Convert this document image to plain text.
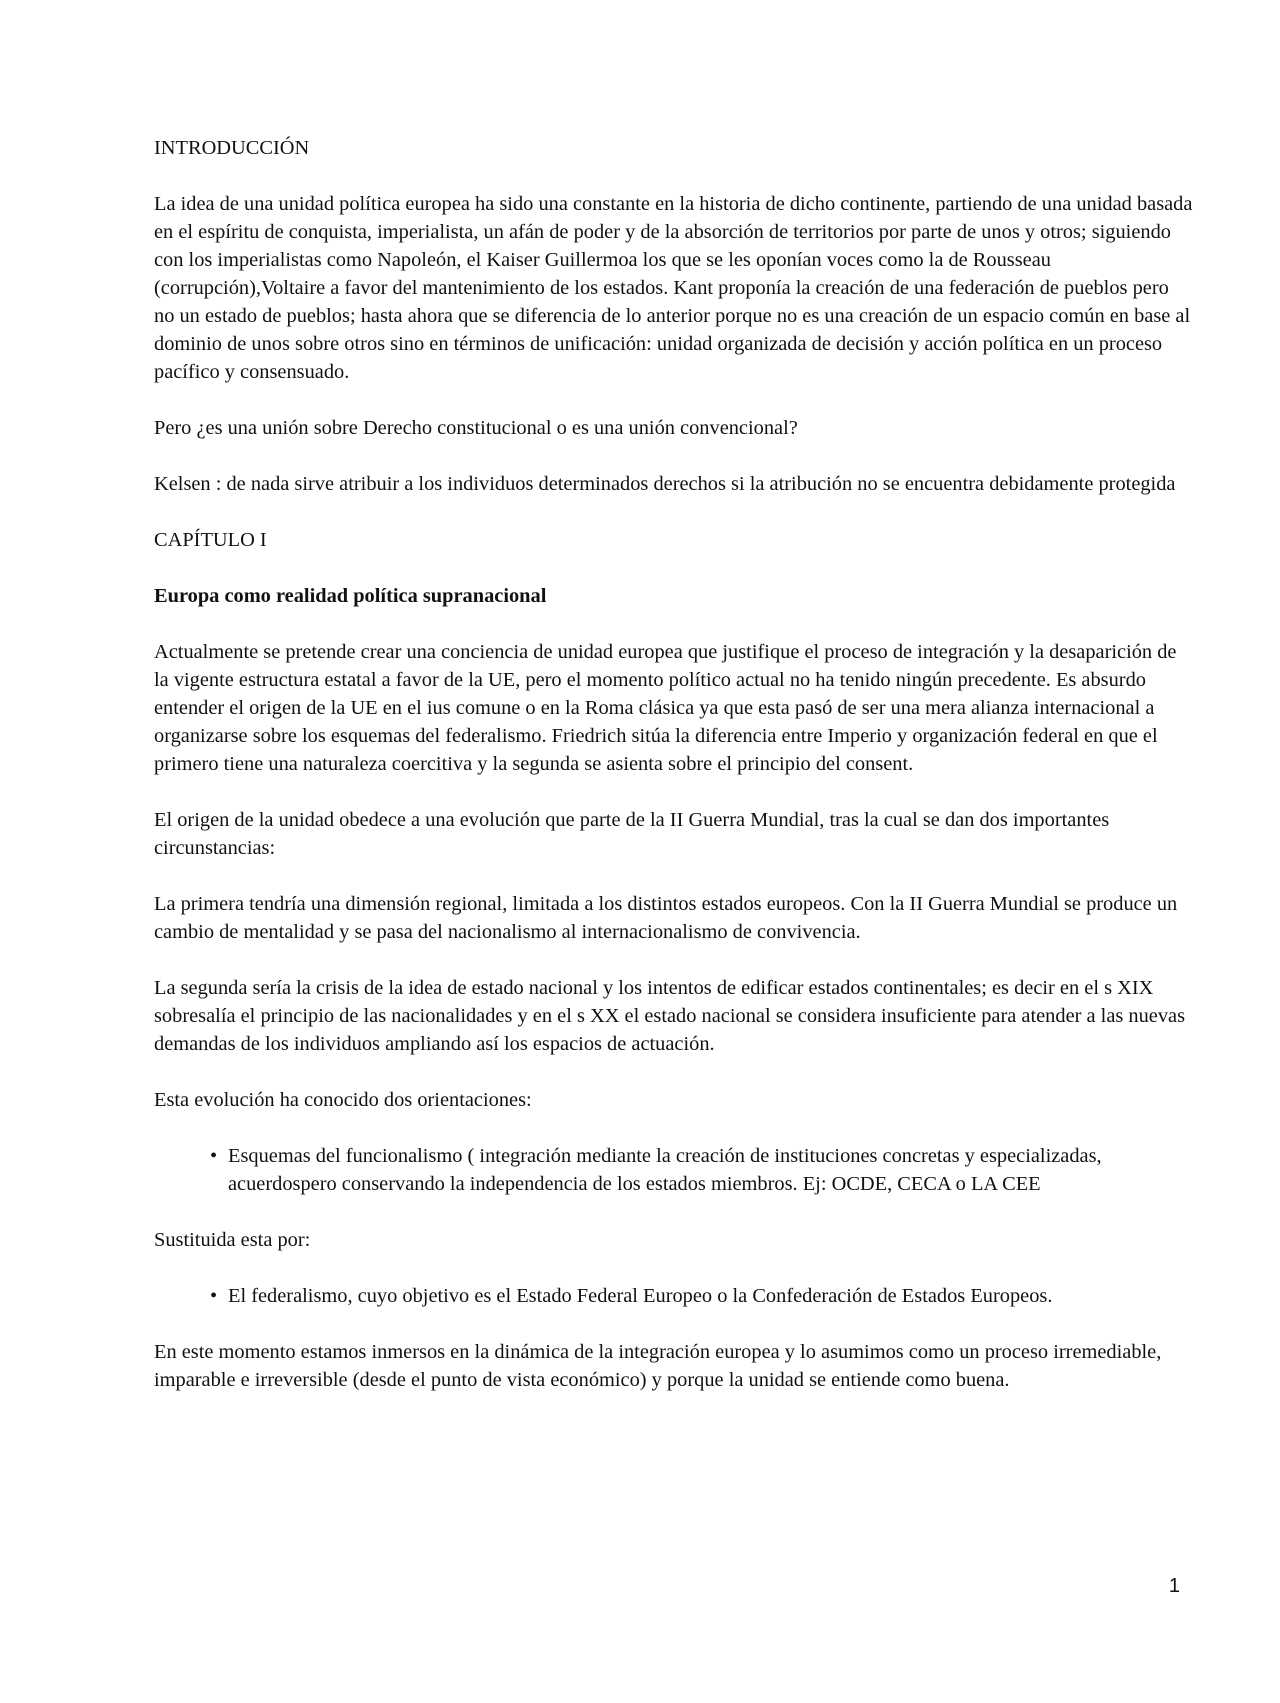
INTRODUCCIÓN

La idea de una unidad política europea ha sido una constante en la historia de dicho continente, partiendo de una unidad basada en el espíritu de conquista, imperialista, un afán de poder y de la absorción de territorios por parte de unos y otros; siguiendo con los imperialistas como Napoleón, el Kaiser Guillermoa los que se les oponían voces como la de Rousseau (corrupción),Voltaire a favor del mantenimiento de los estados. Kant proponía la creación de una federación de pueblos pero no un estado de pueblos; hasta ahora que se diferencia de lo anterior porque no es una creación de un espacio común en base al dominio de unos sobre otros sino en términos de unificación: unidad organizada de decisión y acción política en un proceso pacífico y consensuado.

Pero ¿es una unión sobre Derecho constitucional o es una unión convencional?

Kelsen : de nada sirve atribuir a los individuos determinados derechos si la atribución no se encuentra debidamente protegida

CAPÍTULO I

Europa como realidad política supranacional

Actualmente se pretende crear una conciencia de unidad europea que justifique el proceso de integración y la desaparición de la vigente estructura estatal a favor de la UE, pero el momento político actual no ha tenido ningún precedente. Es absurdo entender el origen de la UE en el ius comune o en la Roma clásica ya que esta pasó de ser una mera alianza internacional a organizarse sobre los esquemas del federalismo. Friedrich sitúa la diferencia entre Imperio y organización federal en que el primero tiene una naturaleza coercitiva y la segunda se asienta sobre el principio del consent.

El origen de la unidad obedece a una evolución que parte de la II Guerra Mundial, tras la cual se dan dos importantes circunstancias:

La primera tendría una dimensión regional, limitada a los distintos estados europeos. Con la II Guerra Mundial se produce un cambio de mentalidad y se pasa del nacionalismo al internacionalismo de convivencia.

La segunda sería la crisis de la idea de estado nacional y los intentos de edificar estados continentales; es decir en el s XIX sobresalía el principio de las nacionalidades y en el s XX el estado nacional se considera insuficiente para atender a las nuevas demandas de los individuos ampliando así los espacios de actuación.

Esta evolución ha conocido dos orientaciones:

• Esquemas del funcionalismo ( integración mediante la creación de instituciones concretas y especializadas, acuerdospero conservando la independencia de los estados miembros. Ej: OCDE, CECA o LA CEE

Sustituida esta por:

• El federalismo, cuyo objetivo es el Estado Federal Europeo o la Confederación de Estados Europeos.

En este momento estamos inmersos en la dinámica de la integración europea y lo asumimos como un proceso irremediable, imparable e irreversible (desde el punto de vista económico) y porque la unidad se entiende como buena.

1
